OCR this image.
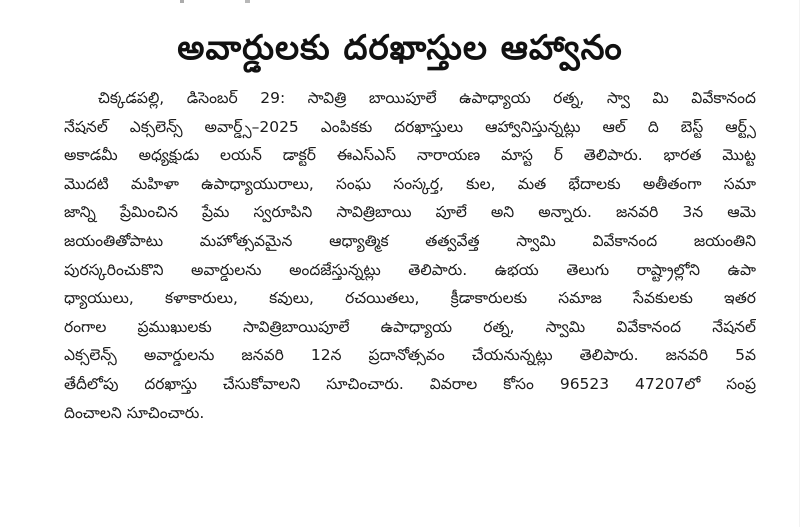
అవార్డులకు దరఖాస్తుల ఆహ్వానం
చిక్కడపల్లి, డిసెంబర్ 29: సావిత్రి బాయిపూలే ఉపాధ్యాయ రత్న, స్వా మి వివేకానంద
నేషనల్ ఎక్సలెన్స్ అవార్డ్స్–2025 ఎంపికకు దరఖాస్తులు ఆహ్వానిస్తున్నట్లు ఆల్ ది బెస్ట్ ఆర్ట్స్
అకాడమీ అధ్యక్షుడు లయన్ డాక్టర్ ఈఎస్ఎస్ నారాయణ మాస్ట ర్ తెలిపారు. భారత మొట్ట
మొదటి మహిళా ఉపాధ్యాయురాలు, సంఘ సంస్కర్త, కుల, మత భేదాలకు అతీతంగా సమా
జాన్ని ప్రేమించిన ప్రేమ స్వరూపిని సావిత్రిబాయి పూలే అని అన్నారు. జనవరి 3న ఆమె
జయంతితోపాటు మహోత్సవమైన ఆధ్యాత్మిక తత్వవేత్త స్వామి వివేకానంద జయంతిని
పురస్కరించుకొని అవార్డులను అందజేస్తున్నట్లు తెలిపారు. ఉభయ తెలుగు రాష్ట్రాల్లోని ఉపా
ధ్యాయులు, కళాకారులు, కవులు, రచయితలు, క్రీడాకారులకు సమాజ సేవకులకు ఇతర
రంగాల ప్రముఖులకు సావిత్రిబాయిపూలే ఉపాధ్యాయ రత్న, స్వామి వివేకానంద నేషనల్
ఎక్సలెన్స్ అవార్డులను జనవరి 12న ప్రదానోత్సవం చేయనున్నట్లు తెలిపారు. జనవరి 5వ
తేదీలోపు దరఖాస్తు చేసుకోవాలని సూచించారు. వివరాల కోసం 96523 47207లో సంప్ర
దించాలని సూచించారు.
